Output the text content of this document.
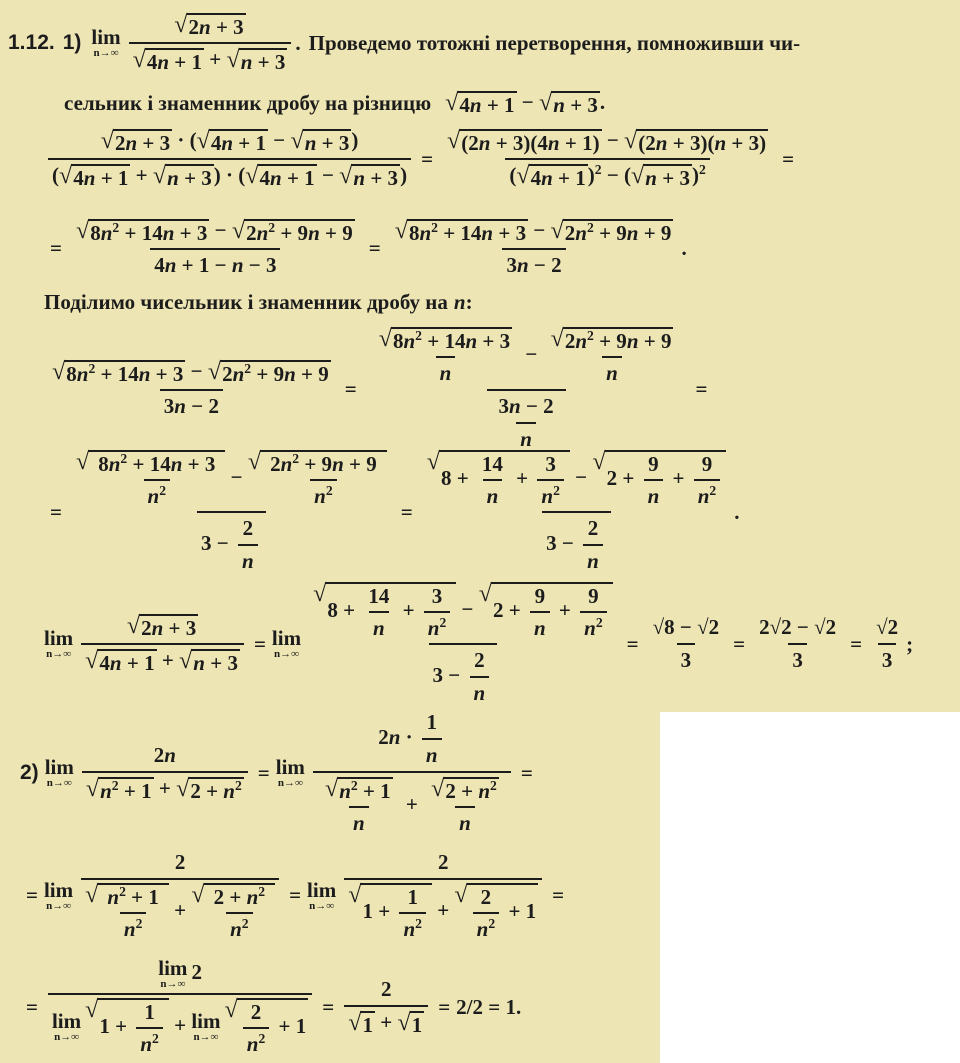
1.12. 1) lim
$n\to\infty \frac{√ 2n + 3}{√ 4n + 1 + √ n + 3}$ . Проведемо тотожні перетворення, помноживши чи-
сельник і знаменник дробу на різницю √ 4n + 1 − √ n + 3 .
$\frac{√ 2n + 3 \cdot ( √ 4n + 1 - √ n + 3 )}{( √ 4n + 1 + √ n + 3 ) \cdot ( √ 4n + 1 - √ n + 3 )} = \frac{√ (2n + 3)(4n + 1) - √ (2n + 3)(n + 3)}{( √ 4n + 1 )^2 - ( √ n + 3 )^2}$ =
= $\frac{√ 8n^2 + 14n + 3 - √ 2n^2 + 9n + 9}{4n + 1 - n - 3} = \frac{√ 8n^2 + 14n + 3 - √ 2n^2 + 9n + 9}{3n - 2}$ .
Поділимо чисельник і знаменник дробу на n:
$\frac{√ 8n^2 + 14n + 3 - √ 2n^2 + 9n + 9}{3n - 2} = \frac{\frac{√ 8n^2 + 14n + 3}{n} - \frac{√ 2n^2 + 9n + 9}{n}}{\frac{3n - 2}{n}}$ =
= √ $\frac{8n^2 + 14n + 3}{n^2}$ −
√ $\frac{2n^2 + 9n + 9}{n^2}$
$3 - \frac{2}{n}$ = √
$8 + \frac{14}{n} + \frac{3}{n^2}$ −
√
$2 + \frac{9}{n} + \frac{9}{n^2}$
$3 - \frac{2}{n}$ .
lim
$n\to\infty \frac{√ 2n + 3}{√ 4n + 1 + √ n + 3} = \lim$
n→∞ √
$8 + \frac{14}{n} + \frac{3}{n^2}$ −
√
$2 + \frac{9}{n} + \frac{9}{n^2}$
$3 - \frac{2}{n} = \frac{√8 - √2}{3} = \frac{2√2 - √2}{3} = \frac{√2}{3}$ ;
2) lim
$n\to\infty \frac{2n}{√ n^2 + 1 + √ 2 + n^2} = \lim$
$n\to\infty \frac{2n \cdot \frac{1}{n}}{\frac{√ n^2 + 1}{n} + \frac{√ 2 + n^2}{n}}$ =
= lim
n→∞ 2
√ $\frac{n^2 + 1}{n^2}$ +
√ $\frac{2 + n^2}{n^2} = \lim$
n→∞ 2
√
$1 + \frac{1}{n^2}$ +
√ $\frac{2}{n^2} + 1$ =
= lim
n→∞
2
lim
n→∞
√
$1 + \frac{1}{n^2} + \lim$
n→∞
√ $\frac{2}{n^2} + 1 = \frac{2}{√ 1 + √ 1} = 2/2 = 1$.
